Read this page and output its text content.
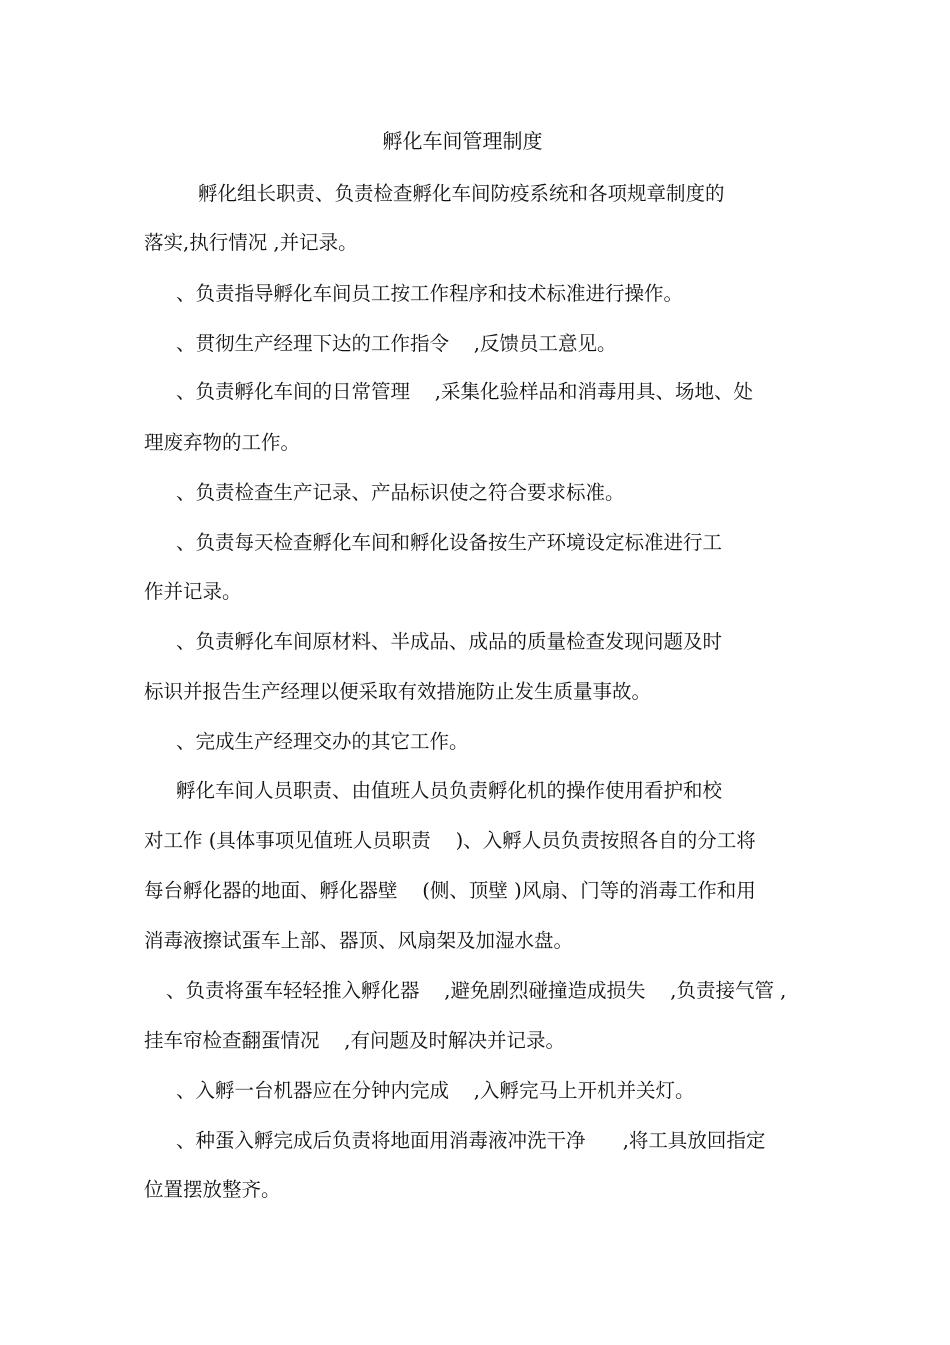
孵化车间管理制度
孵化组长职责、负责检查孵化车间防疫系统和各项规章制度的
落实,执行情况 ,并记录。
、负责指导孵化车间员工按工作程序和技术标准进行操作。
、贯彻生产经理下达的工作指令    ,反馈员工意见。
、负责孵化车间的日常管理    ,采集化验样品和消毒用具、场地、处
理废弃物的工作。
、负责检查生产记录、产品标识使之符合要求标准。
、负责每天检查孵化车间和孵化设备按生产环境设定标准进行工
作并记录。
、负责孵化车间原材料、半成品、成品的质量检查发现问题及时
标识并报告生产经理以便采取有效措施防止发生质量事故。
、完成生产经理交办的其它工作。
孵化车间人员职责、由值班人员负责孵化机的操作使用看护和校
对工作 (具体事项见值班人员职责    )、入孵人员负责按照各自的分工将
每台孵化器的地面、孵化器壁    (侧、顶壁 )风扇、门等的消毒工作和用
消毒液擦试蛋车上部、器顶、风扇架及加湿水盘。
、负责将蛋车轻轻推入孵化器    ,避免剧烈碰撞造成损失    ,负责接气管 ,
挂车帘检查翻蛋情况    ,有问题及时解决并记录。
、入孵一台机器应在分钟内完成    ,入孵完马上开机并关灯。
、种蛋入孵完成后负责将地面用消毒液冲洗干净      ,将工具放回指定
位置摆放整齐。
